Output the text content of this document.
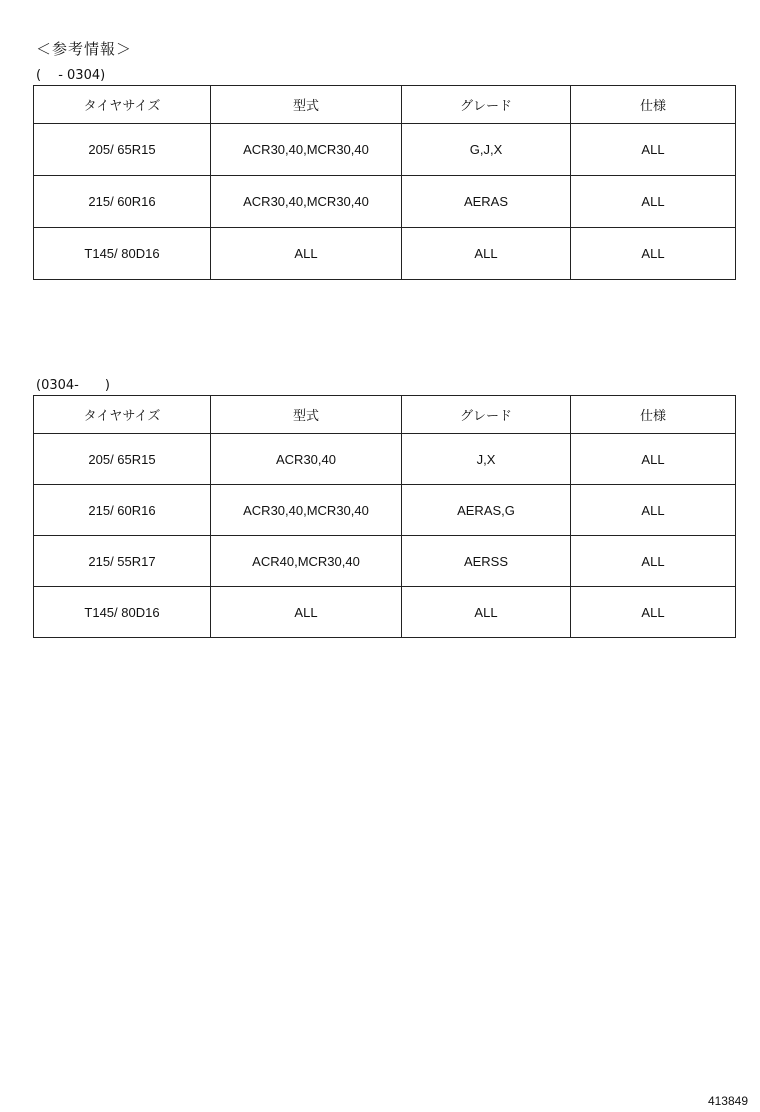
＜参考情報＞
(　 - 0304)
タイヤサイズ	型式	グレード	仕様
205/ 65R15	ACR30,40,MCR30,40	G,J,X	ALL
215/ 60R16	ACR30,40,MCR30,40	AERAS	ALL
T145/ 80D16	ALL	ALL	ALL
(0304-　　)
タイヤサイズ	型式	グレード	仕様
205/ 65R15	ACR30,40	J,X	ALL
215/ 60R16	ACR30,40,MCR30,40	AERAS,G	ALL
215/ 55R17	ACR40,MCR30,40	AERSS	ALL
T145/ 80D16	ALL	ALL	ALL
413849
